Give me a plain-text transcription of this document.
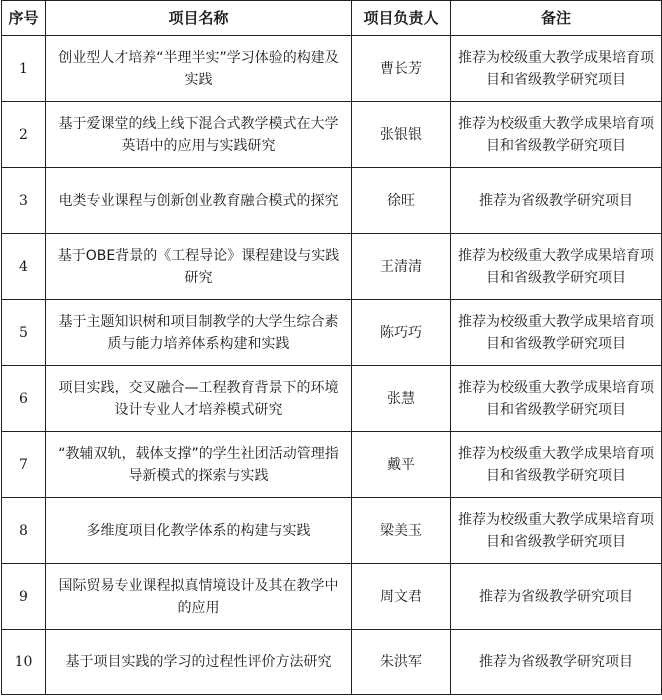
序号	项目名称	项目负责人	备注
1	创业型人才培养“半理半实”学习体验的构建及实践	曹长芳	推荐为校级重大教学成果培育项目和省级教学研究项目
2	基于爱课堂的线上线下混合式教学模式在大学英语中的应用与实践研究	张银银	推荐为校级重大教学成果培育项目和省级教学研究项目
3	电类专业课程与创新创业教育融合模式的探究	徐旺	推荐为省级教学研究项目
4	基于OBE背景的《工程导论》课程建设与实践研究	王清清	推荐为校级重大教学成果培育项目和省级教学研究项目
5	基于主题知识树和项目制教学的大学生综合素质与能力培养体系构建和实践	陈巧巧	推荐为校级重大教学成果培育项目和省级教学研究项目
6	项目实践，交叉融合—工程教育背景下的环境设计专业人才培养模式研究	张慧	推荐为校级重大教学成果培育项目和省级教学研究项目
7	“教辅双轨，载体支撑”的学生社团活动管理指导新模式的探索与实践	戴平	推荐为校级重大教学成果培育项目和省级教学研究项目
8	多维度项目化教学体系的构建与实践	梁美玉	推荐为校级重大教学成果培育项目和省级教学研究项目
9	国际贸易专业课程拟真情境设计及其在教学中的应用	周文君	推荐为省级教学研究项目
10	基于项目实践的学习的过程性评价方法研究	朱洪军	推荐为省级教学研究项目
